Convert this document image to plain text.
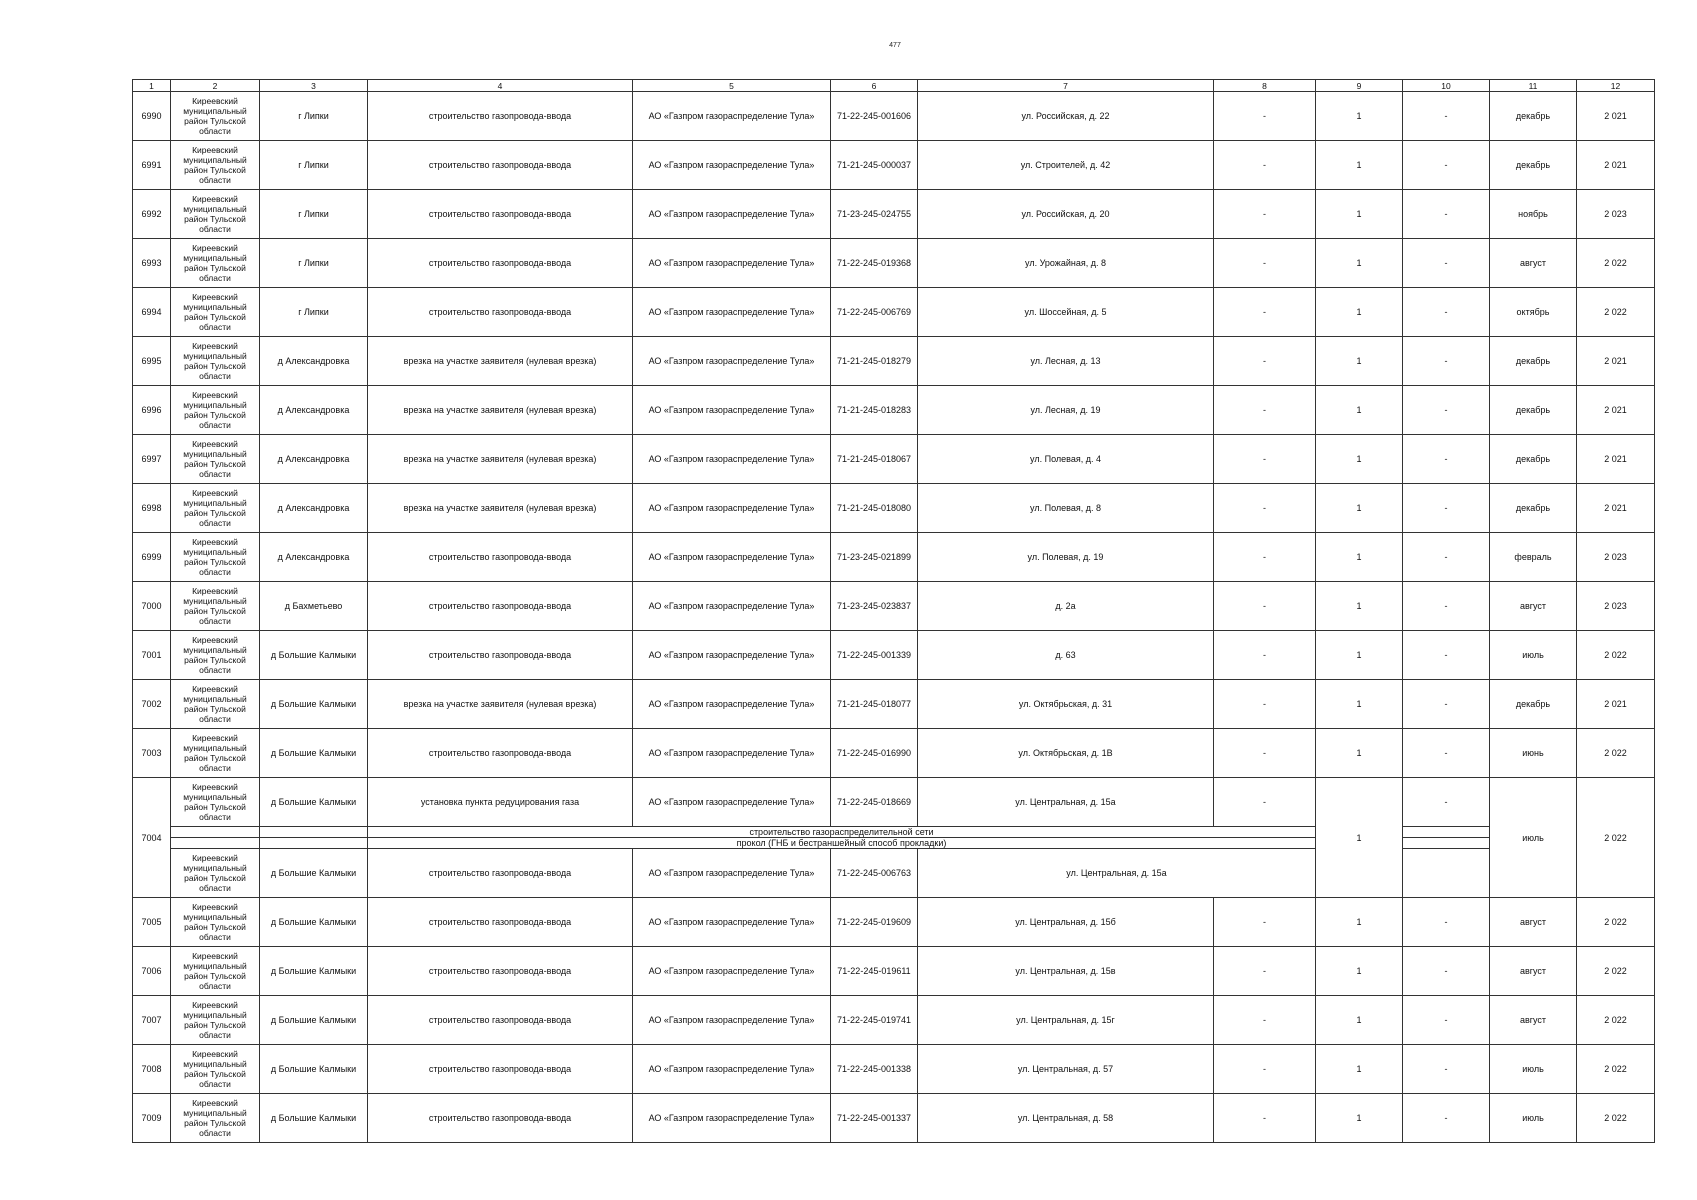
477
1	2	3	4	5	6	7	8	9	10	11	12
6990	Киреевский муниципальный район Тульской области	г Липки	строительство газопровода-ввода	АО «Газпром газораспределение Тула»	71-22-245-001606	ул. Российская, д. 22	-	1	-	декабрь	2 021
6991	Киреевский муниципальный район Тульской области	г Липки	строительство газопровода-ввода	АО «Газпром газораспределение Тула»	71-21-245-000037	ул. Строителей, д. 42	-	1	-	декабрь	2 021
6992	Киреевский муниципальный район Тульской области	г Липки	строительство газопровода-ввода	АО «Газпром газораспределение Тула»	71-23-245-024755	ул. Российская, д. 20	-	1	-	ноябрь	2 023
6993	Киреевский муниципальный район Тульской области	г Липки	строительство газопровода-ввода	АО «Газпром газораспределение Тула»	71-22-245-019368	ул. Урожайная, д. 8	-	1	-	август	2 022
6994	Киреевский муниципальный район Тульской области	г Липки	строительство газопровода-ввода	АО «Газпром газораспределение Тула»	71-22-245-006769	ул. Шоссейная, д. 5	-	1	-	октябрь	2 022
6995	Киреевский муниципальный район Тульской области	д Александровка	врезка на участке заявителя (нулевая врезка)	АО «Газпром газораспределение Тула»	71-21-245-018279	ул. Лесная, д. 13	-	1	-	декабрь	2 021
6996	Киреевский муниципальный район Тульской области	д Александровка	врезка на участке заявителя (нулевая врезка)	АО «Газпром газораспределение Тула»	71-21-245-018283	ул. Лесная, д. 19	-	1	-	декабрь	2 021
6997	Киреевский муниципальный район Тульской области	д Александровка	врезка на участке заявителя (нулевая врезка)	АО «Газпром газораспределение Тула»	71-21-245-018067	ул. Полевая, д. 4	-	1	-	декабрь	2 021
6998	Киреевский муниципальный район Тульской области	д Александровка	врезка на участке заявителя (нулевая врезка)	АО «Газпром газораспределение Тула»	71-21-245-018080	ул. Полевая, д. 8	-	1	-	декабрь	2 021
6999	Киреевский муниципальный район Тульской области	д Александровка	строительство газопровода-ввода	АО «Газпром газораспределение Тула»	71-23-245-021899	ул. Полевая, д. 19	-	1	-	февраль	2 023
7000	Киреевский муниципальный район Тульской области	д Бахметьево	строительство газопровода-ввода	АО «Газпром газораспределение Тула»	71-23-245-023837	д. 2а	-	1	-	август	2 023
7001	Киреевский муниципальный район Тульской области	д Большие Калмыки	строительство газопровода-ввода	АО «Газпром газораспределение Тула»	71-22-245-001339	д. 63	-	1	-	июль	2 022
7002	Киреевский муниципальный район Тульской области	д Большие Калмыки	врезка на участке заявителя (нулевая врезка)	АО «Газпром газораспределение Тула»	71-21-245-018077	ул. Октябрьская, д. 31	-	1	-	декабрь	2 021
7003	Киреевский муниципальный район Тульской области	д Большие Калмыки	строительство газопровода-ввода	АО «Газпром газораспределение Тула»	71-22-245-016990	ул. Октябрьская, д. 1В	-	1	-	июнь	2 022
7004	Киреевский муниципальный район Тульской области	д Большие Калмыки	установка пункта редуцирования газа	АО «Газпром газораспределение Тула»	71-22-245-018669	ул. Центральная, д. 15а	-	1	-	июль	2 022
			строительство газораспределительной сети								
			прокол (ГНБ и бестраншейный способ прокладки)								
	Киреевский муниципальный район Тульской области	д Большие Калмыки	строительство газопровода-ввода	АО «Газпром газораспределение Тула»	71-22-245-006763	ул. Центральная, д. 15а					
7005	Киреевский муниципальный район Тульской области	д Большие Калмыки	строительство газопровода-ввода	АО «Газпром газораспределение Тула»	71-22-245-019609	ул. Центральная, д. 15б	-	1	-	август	2 022
7006	Киреевский муниципальный район Тульской области	д Большие Калмыки	строительство газопровода-ввода	АО «Газпром газораспределение Тула»	71-22-245-019611	ул. Центральная, д. 15в	-	1	-	август	2 022
7007	Киреевский муниципальный район Тульской области	д Большие Калмыки	строительство газопровода-ввода	АО «Газпром газораспределение Тула»	71-22-245-019741	ул. Центральная, д. 15г	-	1	-	август	2 022
7008	Киреевский муниципальный район Тульской области	д Большие Калмыки	строительство газопровода-ввода	АО «Газпром газораспределение Тула»	71-22-245-001338	ул. Центральная, д. 57	-	1	-	июль	2 022
7009	Киреевский муниципальный район Тульской области	д Большие Калмыки	строительство газопровода-ввода	АО «Газпром газораспределение Тула»	71-22-245-001337	ул. Центральная, д. 58	-	1	-	июль	2 022
